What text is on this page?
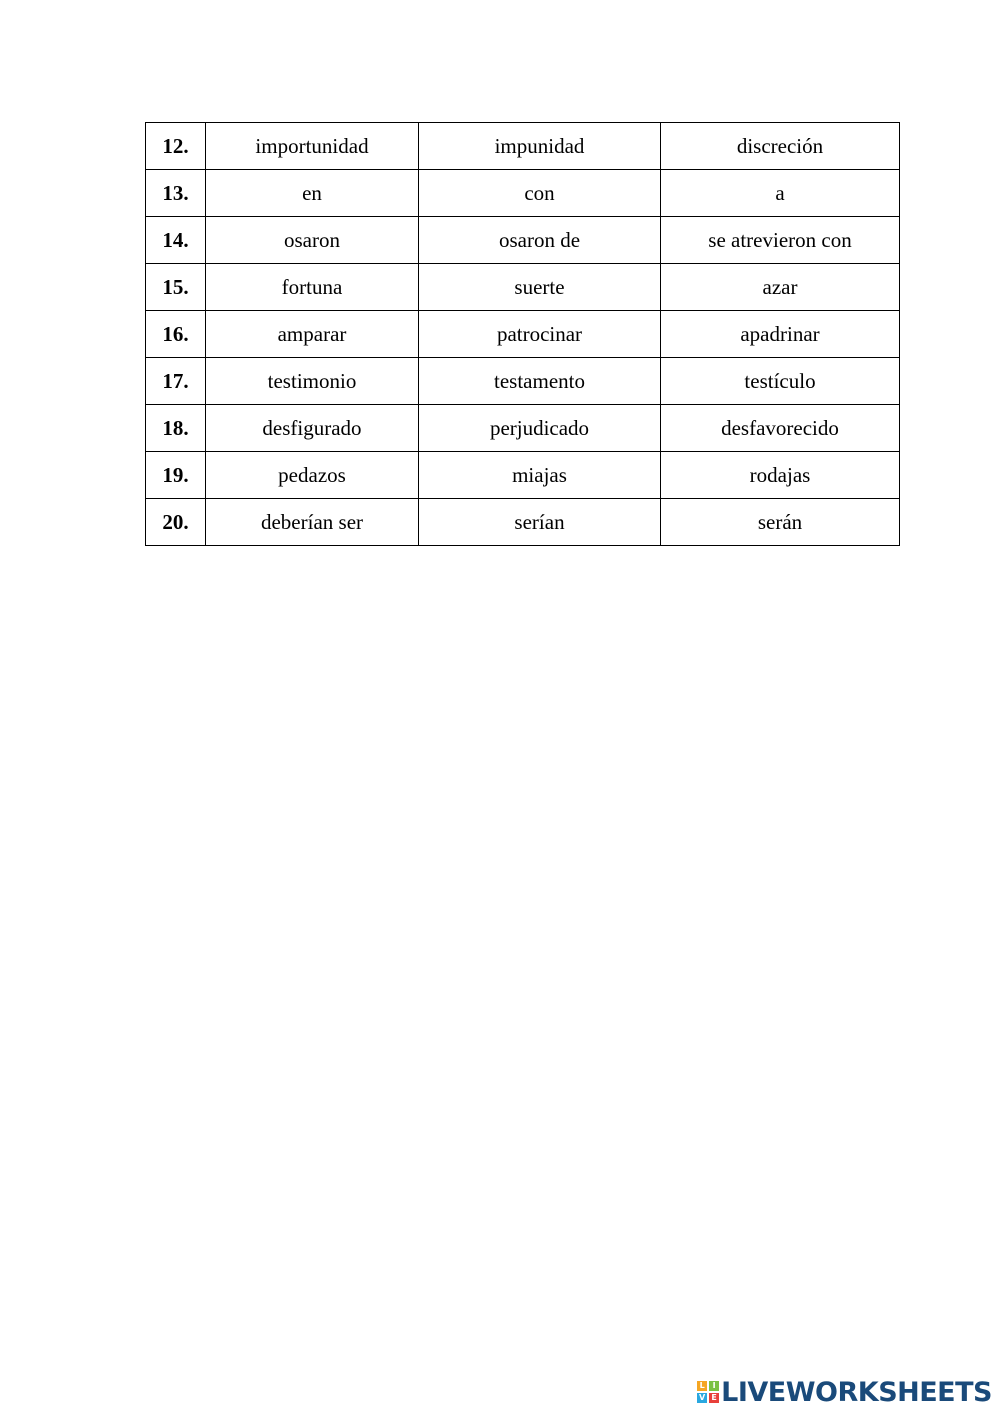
12.	importunidad	impunidad	discreción
13.	en	con	a
14.	osaron	osaron de	se atrevieron con
15.	fortuna	suerte	azar
16.	amparar	patrocinar	apadrinar
17.	testimonio	testamento	testículo
18.	desfigurado	perjudicado	desfavorecido
19.	pedazos	miajas	rodajas
20.	deberían ser	serían	serán
L I
V E LIVEWORKSHEETS
